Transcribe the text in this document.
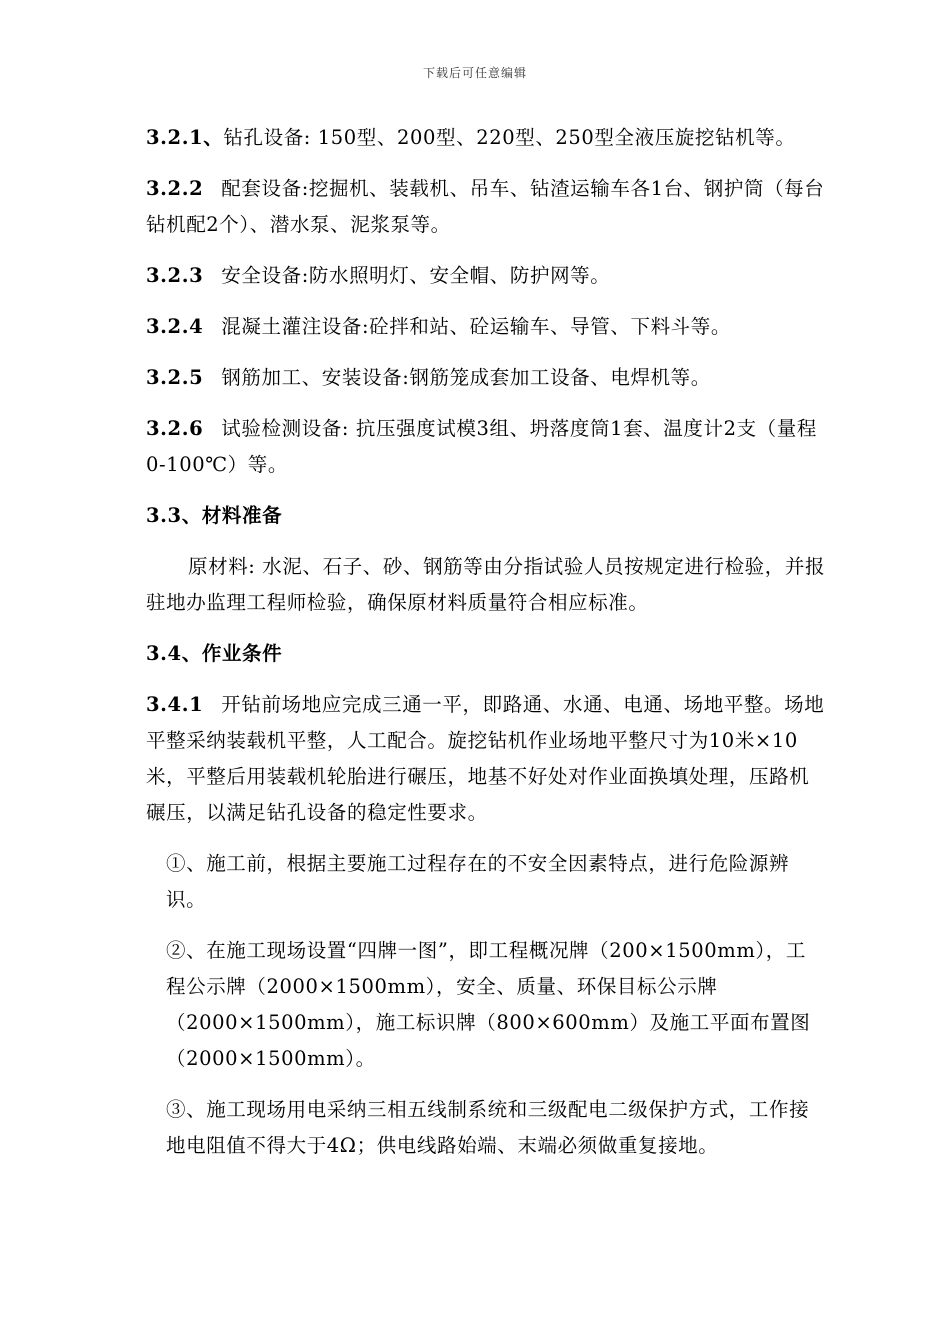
下载后可任意编辑

3.2.1、钻孔设备: 150型、200型、220型、250型全液压旋挖钻机等。

3.2.2 配套设备:挖掘机、装载机、吊车、钻渣运输车各1台、钢护筒（每台钻机配2个）、潜水泵、泥浆泵等。

3.2.3 安全设备:防水照明灯、安全帽、防护网等。

3.2.4 混凝土灌注设备:砼拌和站、砼运输车、导管、下料斗等。

3.2.5 钢筋加工、安装设备:钢筋笼成套加工设备、电焊机等。

3.2.6 试验检测设备: 抗压强度试模3组、坍落度筒1套、温度计2支（量程0-100℃）等。

3.3、材料准备

原材料: 水泥、石子、砂、钢筋等由分指试验人员按规定进行检验，并报驻地办监理工程师检验，确保原材料质量符合相应标准。

3.4、作业条件

3.4.1 开钻前场地应完成三通一平，即路通、水通、电通、场地平整。场地平整采纳装载机平整，人工配合。旋挖钻机作业场地平整尺寸为10米×10米，平整后用装载机轮胎进行碾压，地基不好处对作业面换填处理，压路机碾压，以满足钻孔设备的稳定性要求。

①、施工前，根据主要施工过程存在的不安全因素特点，进行危险源辨识。

②、在施工现场设置“四牌一图”，即工程概况牌（200×1500mm），工程公示牌（2000×1500mm），安全、质量、环保目标公示牌（2000×1500mm），施工标识牌（800×600mm）及施工平面布置图（2000×1500mm）。

③、施工现场用电采纳三相五线制系统和三级配电二级保护方式，工作接地电阻值不得大于4Ω；供电线路始端、末端必须做重复接地。
